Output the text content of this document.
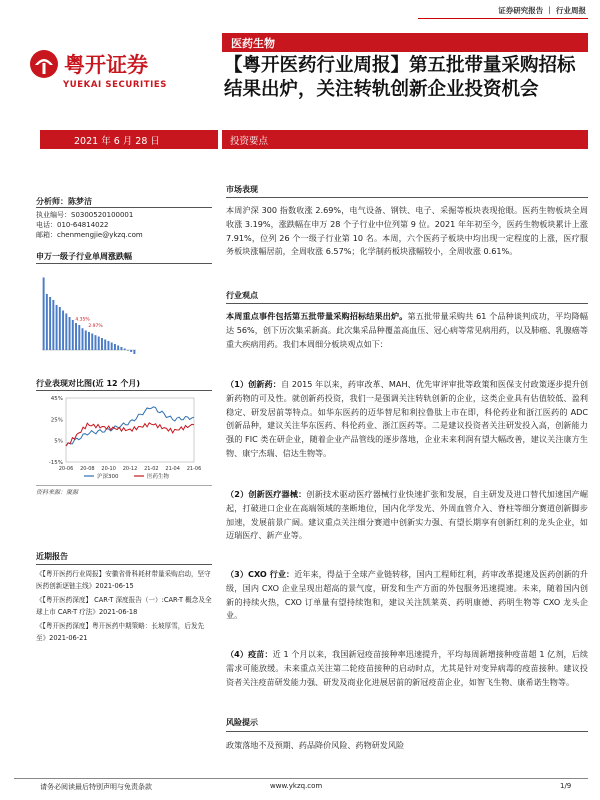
证券研究报告 ｜ 行业周报
粤开证券
YUEKAI SECURITIES
医药生物
【粤开医药行业周报】第五批带量采购招标结果出炉，关注转轨创新企业投资机会
2021 年 6 月 28 日	投资要点
分析师：陈梦洁
执业编号：S0300520100001
电话：010-64814022
邮箱：chenmengjie@ykzq.com
申万一级子行业单周涨跌幅
4.35%
2.97%
行业表现对比图(近 12 个月)
45%
25%
5%
-15%
20-06 20-08 20-10 20-12 21-02 21-04 21-06
沪深300	医药生物
资料来源：聚源
近期报告
《【粤开医药行业周报】安徽省骨科耗材带量采购启动，坚守医药创新逐链主线》2021-06-15
《【粤开医药深度】 CAR-T 深度报告（一）:CAR-T 概念及全球上市 CAR-T 疗法》2021-06-18
《【粤开医药深度】粤开医药中期策略：长坡厚雪，后发先至》2021-06-21
市场表现
本周沪深 300 指数收涨 2.69%，电气设备、钢铁、电子、采掘等板块表现抢眼。医药生物板块全周收涨 3.19%，涨跌幅在申万 28 个子行业中位列第 9 位。2021 年年初至今，医药生物板块累计上涨 7.91%，位列 26 个一级子行业第 10 名。本周，六个医药子板块中均出现一定程度的上涨，医疗服务板块涨幅居前，全周收涨 6.57%；化学制药板块涨幅较小，全周收涨 0.61%。
行业观点
本周重点事件包括第五批带量采购招标结果出炉。第五批带量采购共 61 个品种谈判成功，平均降幅达 56%，创下历次集采新高。此次集采品种覆盖高血压、冠心病等常见病用药，以及肺癌、乳腺癌等重大疾病用药。我们本周细分板块观点如下：
（1）创新药：自 2015 年以来，药审改革、MAH、优先审评审批等政策和医保支付政策逐步提升创新药物的可及性。就创新药投资，我们一是强调关注转轨创新的企业，这类企业具有估值较低、盈利稳定、研发居前等特点。如华东医药的迈华替尼和利拉鲁肽上市在即，科伦药业和浙江医药的 ADC 创新品种，建议关注华东医药、科伦药业、浙江医药等。二是建议投资者关注研发投入高，创新能力强的 FIC 类在研企业，随着企业产品管线的逐步落地，企业未来利润有望大幅改善，建议关注康方生物、康宁杰瑞、信达生物等。
（2）创新医疗器械：创新技术驱动医疗器械行业快速扩张和发展，自主研发及进口替代加速国产崛起，打破进口企业在高端领域的垄断地位，国内化学发光、外周血管介入、脊柱等细分赛道创新脚步加速，发展前景广阔。建议重点关注细分赛道中创新实力强、有望长期享有创新红利的龙头企业，如迈瑞医疗、新产业等。
（3）CXO 行业：近年来，得益于全球产业链转移，国内工程师红利，药审改革提速及医药创新的升级，国内 CXO 企业呈现出超高的景气度，研发和生产方面的外包服务迅速提速。未来，随着国内创新的持续火热，CXO 订单量有望持续饱和，建议关注凯莱英、药明康德、药明生物等 CXO 龙头企业。
（4）疫苗：近 1 个月以来，我国新冠疫苗接种率迅速提升，平均每周新增接种疫苗超 1 亿剂，后续需求可能放缓。未来重点关注第二轮疫苗接种的启动时点，尤其是针对变异病毒的疫苗接种。建议投资者关注疫苗研发能力强、研发及商业化进展居前的新冠疫苗企业，如智飞生物、康希诺生物等。
风险提示
政策落地不及预期、药品降价风险、药物研发风险
请务必阅读最后特别声明与免责条款	www.ykzq.com	1/9
